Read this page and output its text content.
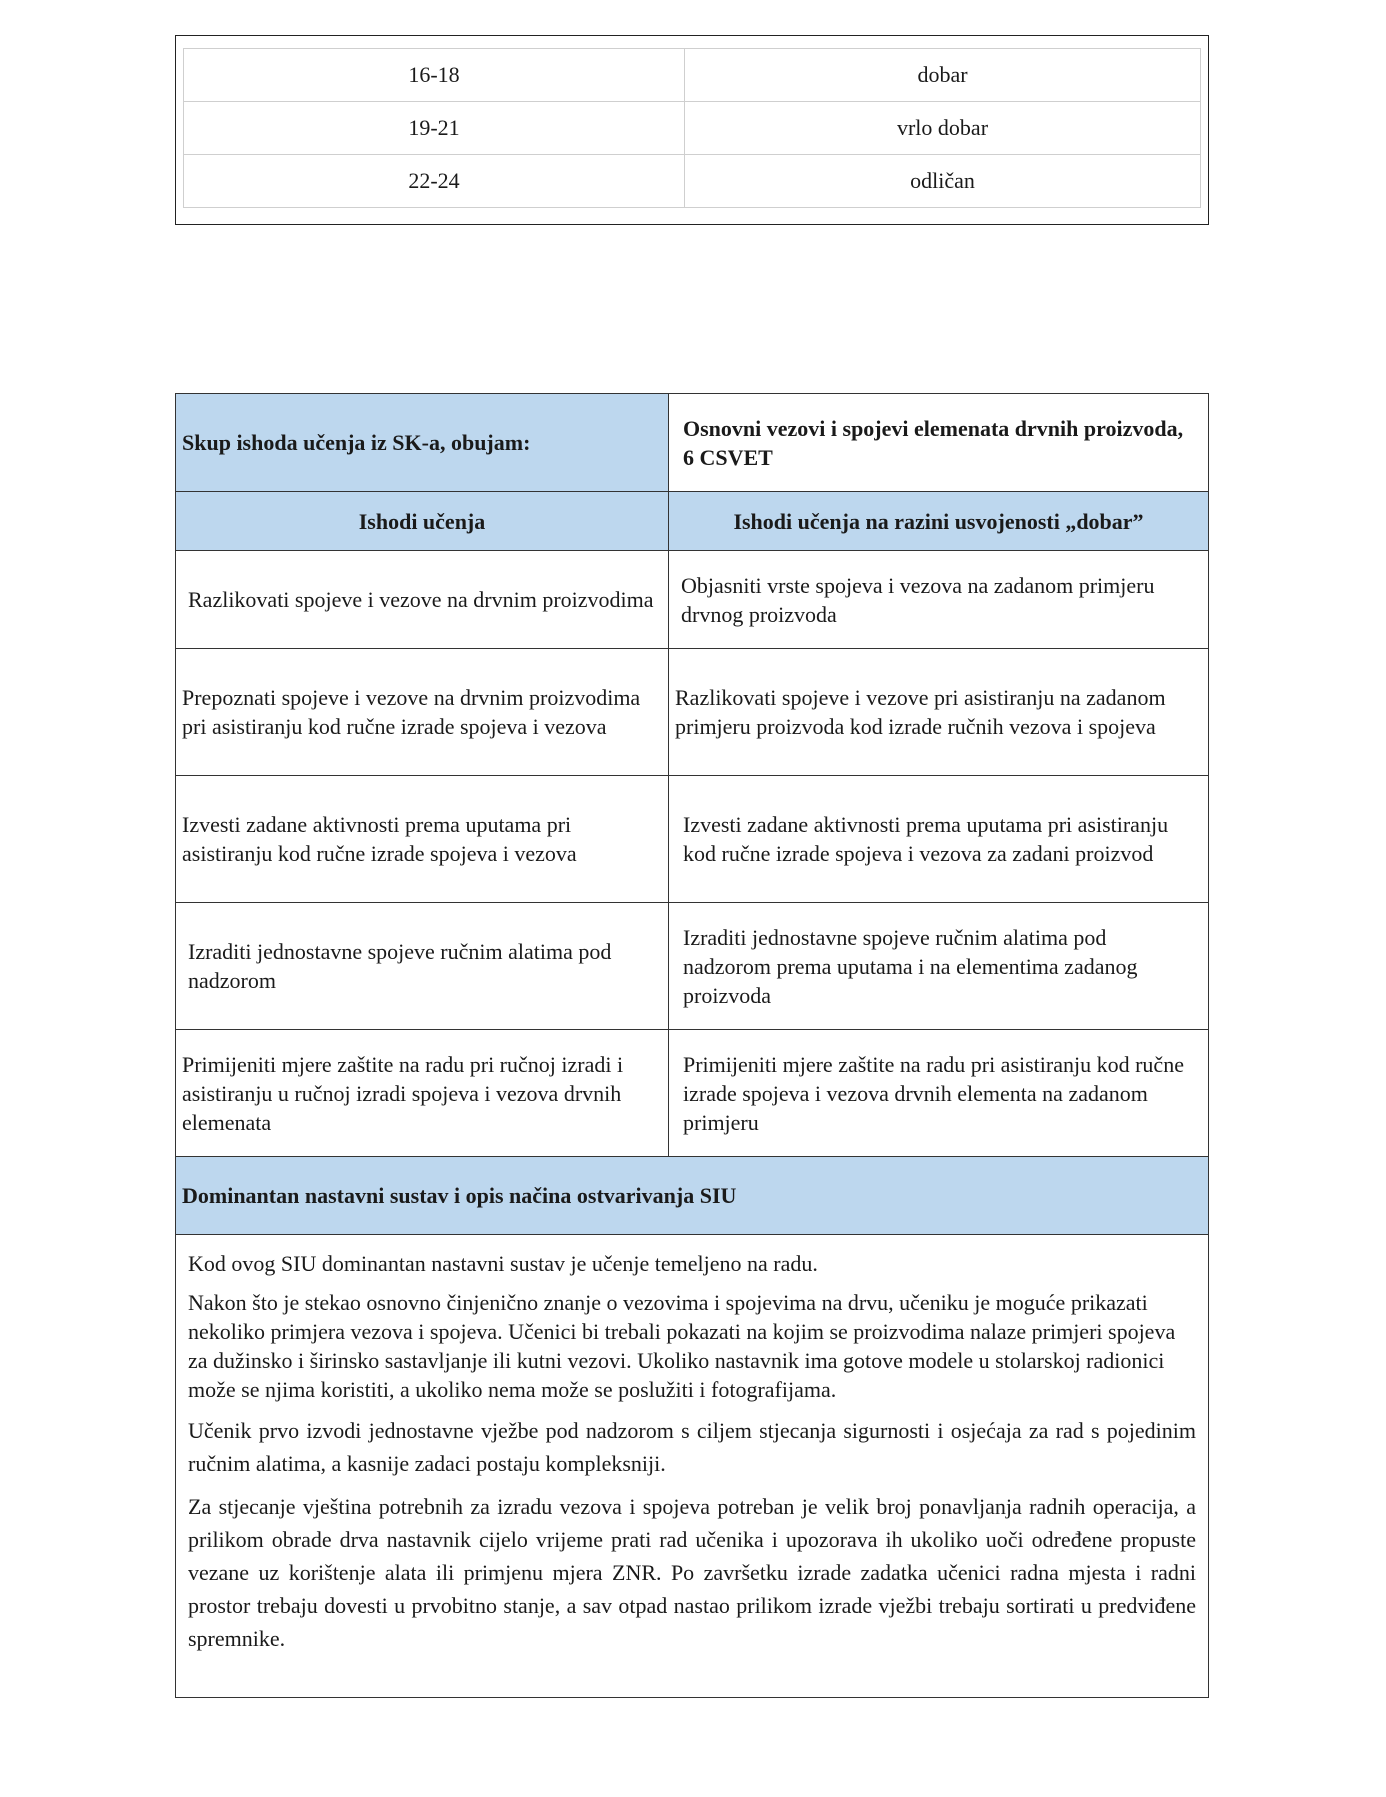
16-18	dobar
19-21	vrlo dobar
22-24	odličan
Skup ishoda učenja iz SK-a, obujam:	Osnovni vezovi i spojevi elemenata drvnih proizvoda, 6 CSVET
Ishodi učenja	Ishodi učenja na razini usvojenosti „dobar”
Razlikovati spojeve i vezove na drvnim proizvodima	Objasniti vrste spojeva i vezova na zadanom primjeru drvnog proizvoda
Prepoznati spojeve i vezove na drvnim proizvodima pri asistiranju kod ručne izrade spojeva i vezova	Razlikovati spojeve i vezove pri asistiranju na zadanom primjeru proizvoda kod izrade ručnih vezova i spojeva
Izvesti zadane aktivnosti prema uputama pri asistiranju kod ručne izrade spojeva i vezova	Izvesti zadane aktivnosti prema uputama pri asistiranju kod ručne izrade spojeva i vezova za zadani proizvod
Izraditi jednostavne spojeve ručnim alatima pod nadzorom	Izraditi jednostavne spojeve ručnim alatima pod nadzorom prema uputama i na elementima zadanog proizvoda
Primijeniti mjere zaštite na radu pri ručnoj izradi i asistiranju u ručnoj izradi spojeva i vezova drvnih elemenata	Primijeniti mjere zaštite na radu pri asistiranju kod ručne izrade spojeva i vezova drvnih elementa na zadanom primjeru
Dominantan nastavni sustav i opis načina ostvarivanja SIU	

Kod ovog SIU dominantan nastavni sustav je učenje temeljeno na radu.

Nakon što je stekao osnovno činjenično znanje o vezovima i spojevima na drvu, učeniku je moguće prikazati nekoliko primjera vezova i spojeva. Učenici bi trebali pokazati na kojim se proizvodima nalaze primjeri spojeva za dužinsko i širinsko sastavljanje ili kutni vezovi. Ukoliko nastavnik ima gotove modele u stolarskoj radionici može se njima koristiti, a ukoliko nema može se poslužiti i fotografijama.

Učenik prvo izvodi jednostavne vježbe pod nadzorom s ciljem stjecanja sigurnosti i osjećaja za rad s pojedinim ručnim alatima, a kasnije zadaci postaju kompleksniji.

Za stjecanje vještina potrebnih za izradu vezova i spojeva potreban je velik broj ponavljanja radnih operacija, a prilikom obrade drva nastavnik cijelo vrijeme prati rad učenika i upozorava ih ukoliko uoči određene propuste vezane uz korištenje alata ili primjenu mjera ZNR. Po završetku izrade zadatka učenici radna mjesta i radni prostor trebaju dovesti u prvobitno stanje, a sav otpad nastao prilikom izrade vježbi trebaju sortirati u predviđene spremnike.	
